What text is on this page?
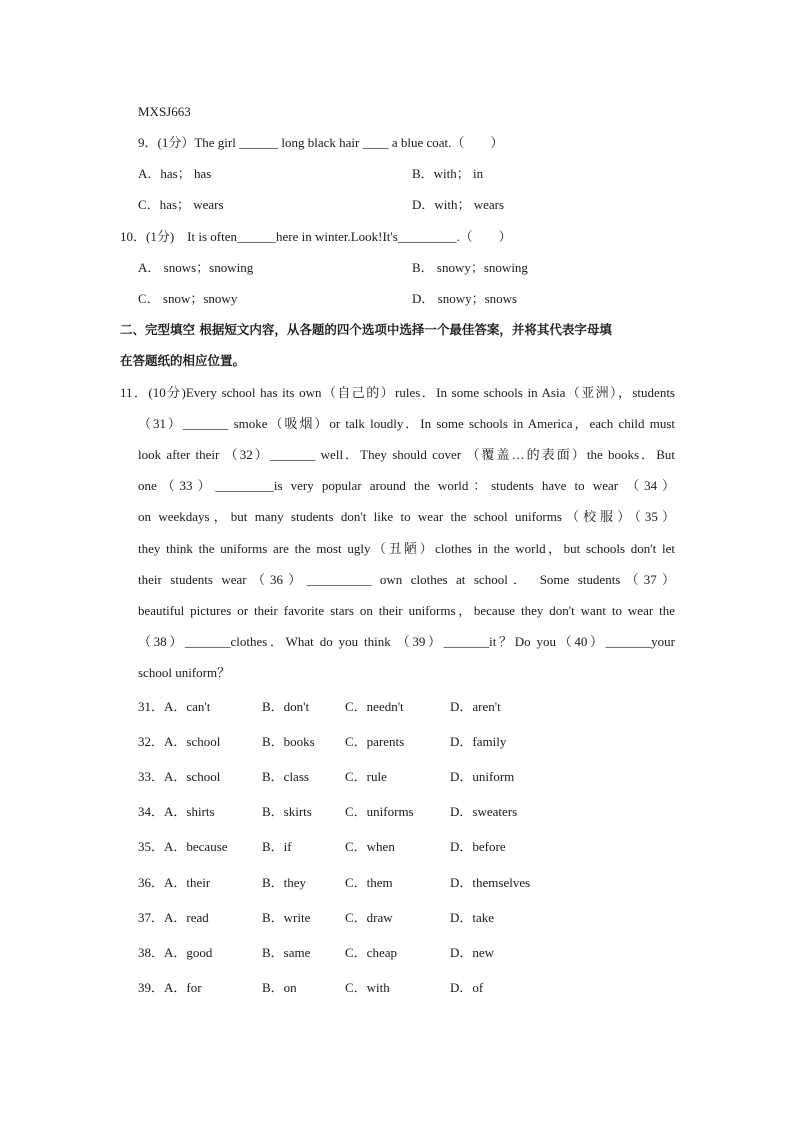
MXSJ663
9．(1分）The girl ______ long black hair ____ a blue coat.（　　）
A．has； has	B．with； in
C．has； wears	D．with； wears
10．(1分)　It is often______here in winter.Look!It's_________.（　　）
A． snows；snowing	B． snowy；snowing
C． snow；snowy	D． snowy；snows
二、完型填空 根据短文内容，从各题的四个选项中选择一个最佳答案，并将其代表字母填
在答题纸的相应位置。
11．(10分)Every school has its own（自己的）rules．In some schools in Asia（亚洲），students
（31）_______ smoke（吸烟）or talk loudly．In some schools in America，each child must
look after their （32）_______ well．They should cover （覆盖…的表面）the books．But
one（33）_________is very popular around the world：students have to wear （34）
on weekdays，but many students don't like to wear the school uniforms（校服）（35）
they think the uniforms are the most ugly（丑陋）clothes in the world，but schools don't let
their students wear（36）__________ own clothes at school． Some students（37）
beautiful pictures or their favorite stars on their uniforms，because they don't want to wear the
（38）_______clothes．What do you think （39）_______it？Do you（40）_______your
school uniform？
31．A．can't	B．don't	C．needn't	D．aren't
32．A．school	B．books C．parents	D．family
33．A．school	B．class	C．rule	D．uniform
34．A．shirts	B．skirts	C．uniforms	D．sweaters
35．A．because	B．if	C．when	D．before
36．A．their	B．they	C．them	D．themselves
37．A．read	B．write	C．draw	D．take
38．A．good	B．same	C．cheap	D．new
39．A．for	B．on	C．with	D．of
